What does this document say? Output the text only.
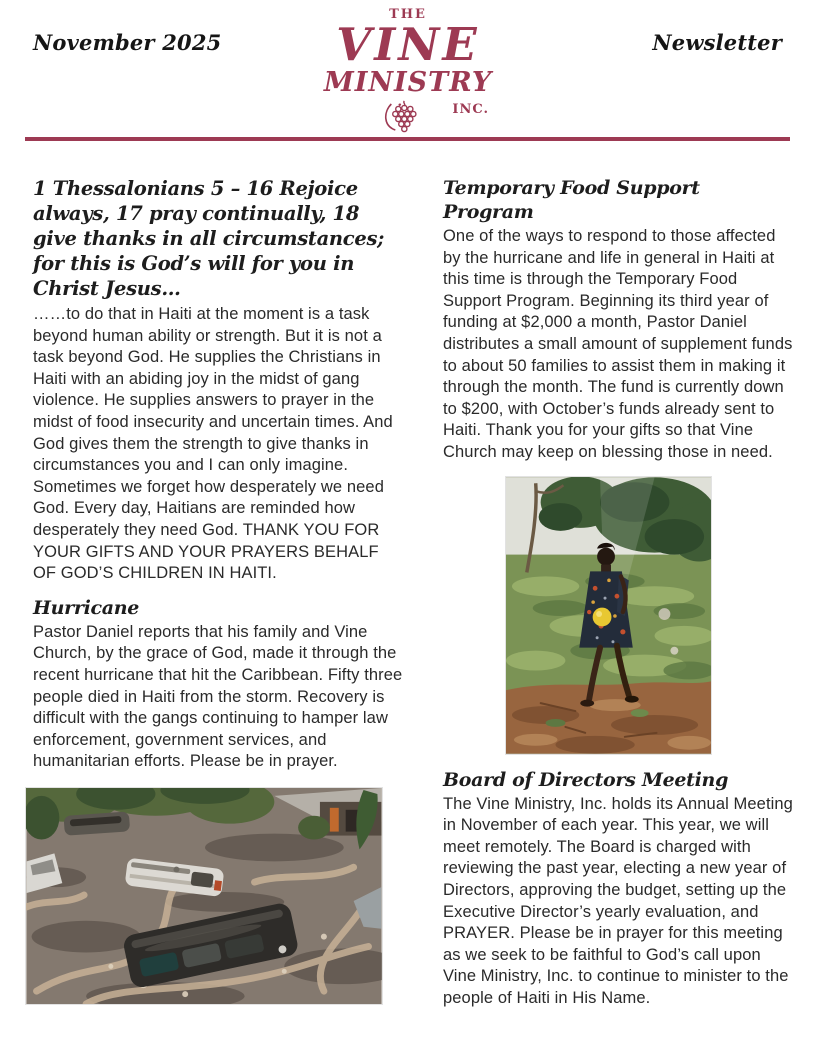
November 2025	Newsletter
THE
VINE
MINISTRY
INC.
1 Thessalonians 5 – 16 Rejoice always, 17 pray continually, 18 give thanks in all circumstances; for this is God’s will for you in Christ Jesus…
……to do that in Haiti at the moment is a task beyond human ability or strength. But it is not a task beyond God. He supplies the Christians in Haiti with an abiding joy in the midst of gang violence. He supplies answers to prayer in the midst of food insecurity and uncertain times. And God gives them the strength to give thanks in circumstances you and I can only imagine. Sometimes we forget how desperately we need God. Every day, Haitians are reminded how desperately they need God. THANK YOU FOR YOUR GIFTS AND YOUR PRAYERS BEHALF OF GOD’S CHILDREN IN HAITI.
Hurricane
Pastor Daniel reports that his family and Vine Church, by the grace of God, made it through the recent hurricane that hit the Caribbean. Fifty three people died in Haiti from the storm. Recovery is difficult with the gangs continuing to hamper law enforcement, government services, and humanitarian efforts. Please be in prayer.
Temporary Food Support Program
One of the ways to respond to those affected by the hurricane and life in general in Haiti at this time is through the Temporary Food Support Program. Beginning its third year of funding at $2,000 a month, Pastor Daniel distributes a small amount of supplement funds to about 50 families to assist them in making it through the month. The fund is currently down to $200, with October’s funds already sent to Haiti. Thank you for your gifts so that Vine Church may keep on blessing those in need.
Board of Directors Meeting
The Vine Ministry, Inc. holds its Annual Meeting in November of each year. This year, we will meet remotely. The Board is charged with reviewing the past year, electing a new year of Directors, approving the budget, setting up the Executive Director’s yearly evaluation, and PRAYER. Please be in prayer for this meeting as we seek to be faithful to God’s call upon Vine Ministry, Inc. to continue to minister to the people of Haiti in His Name.
